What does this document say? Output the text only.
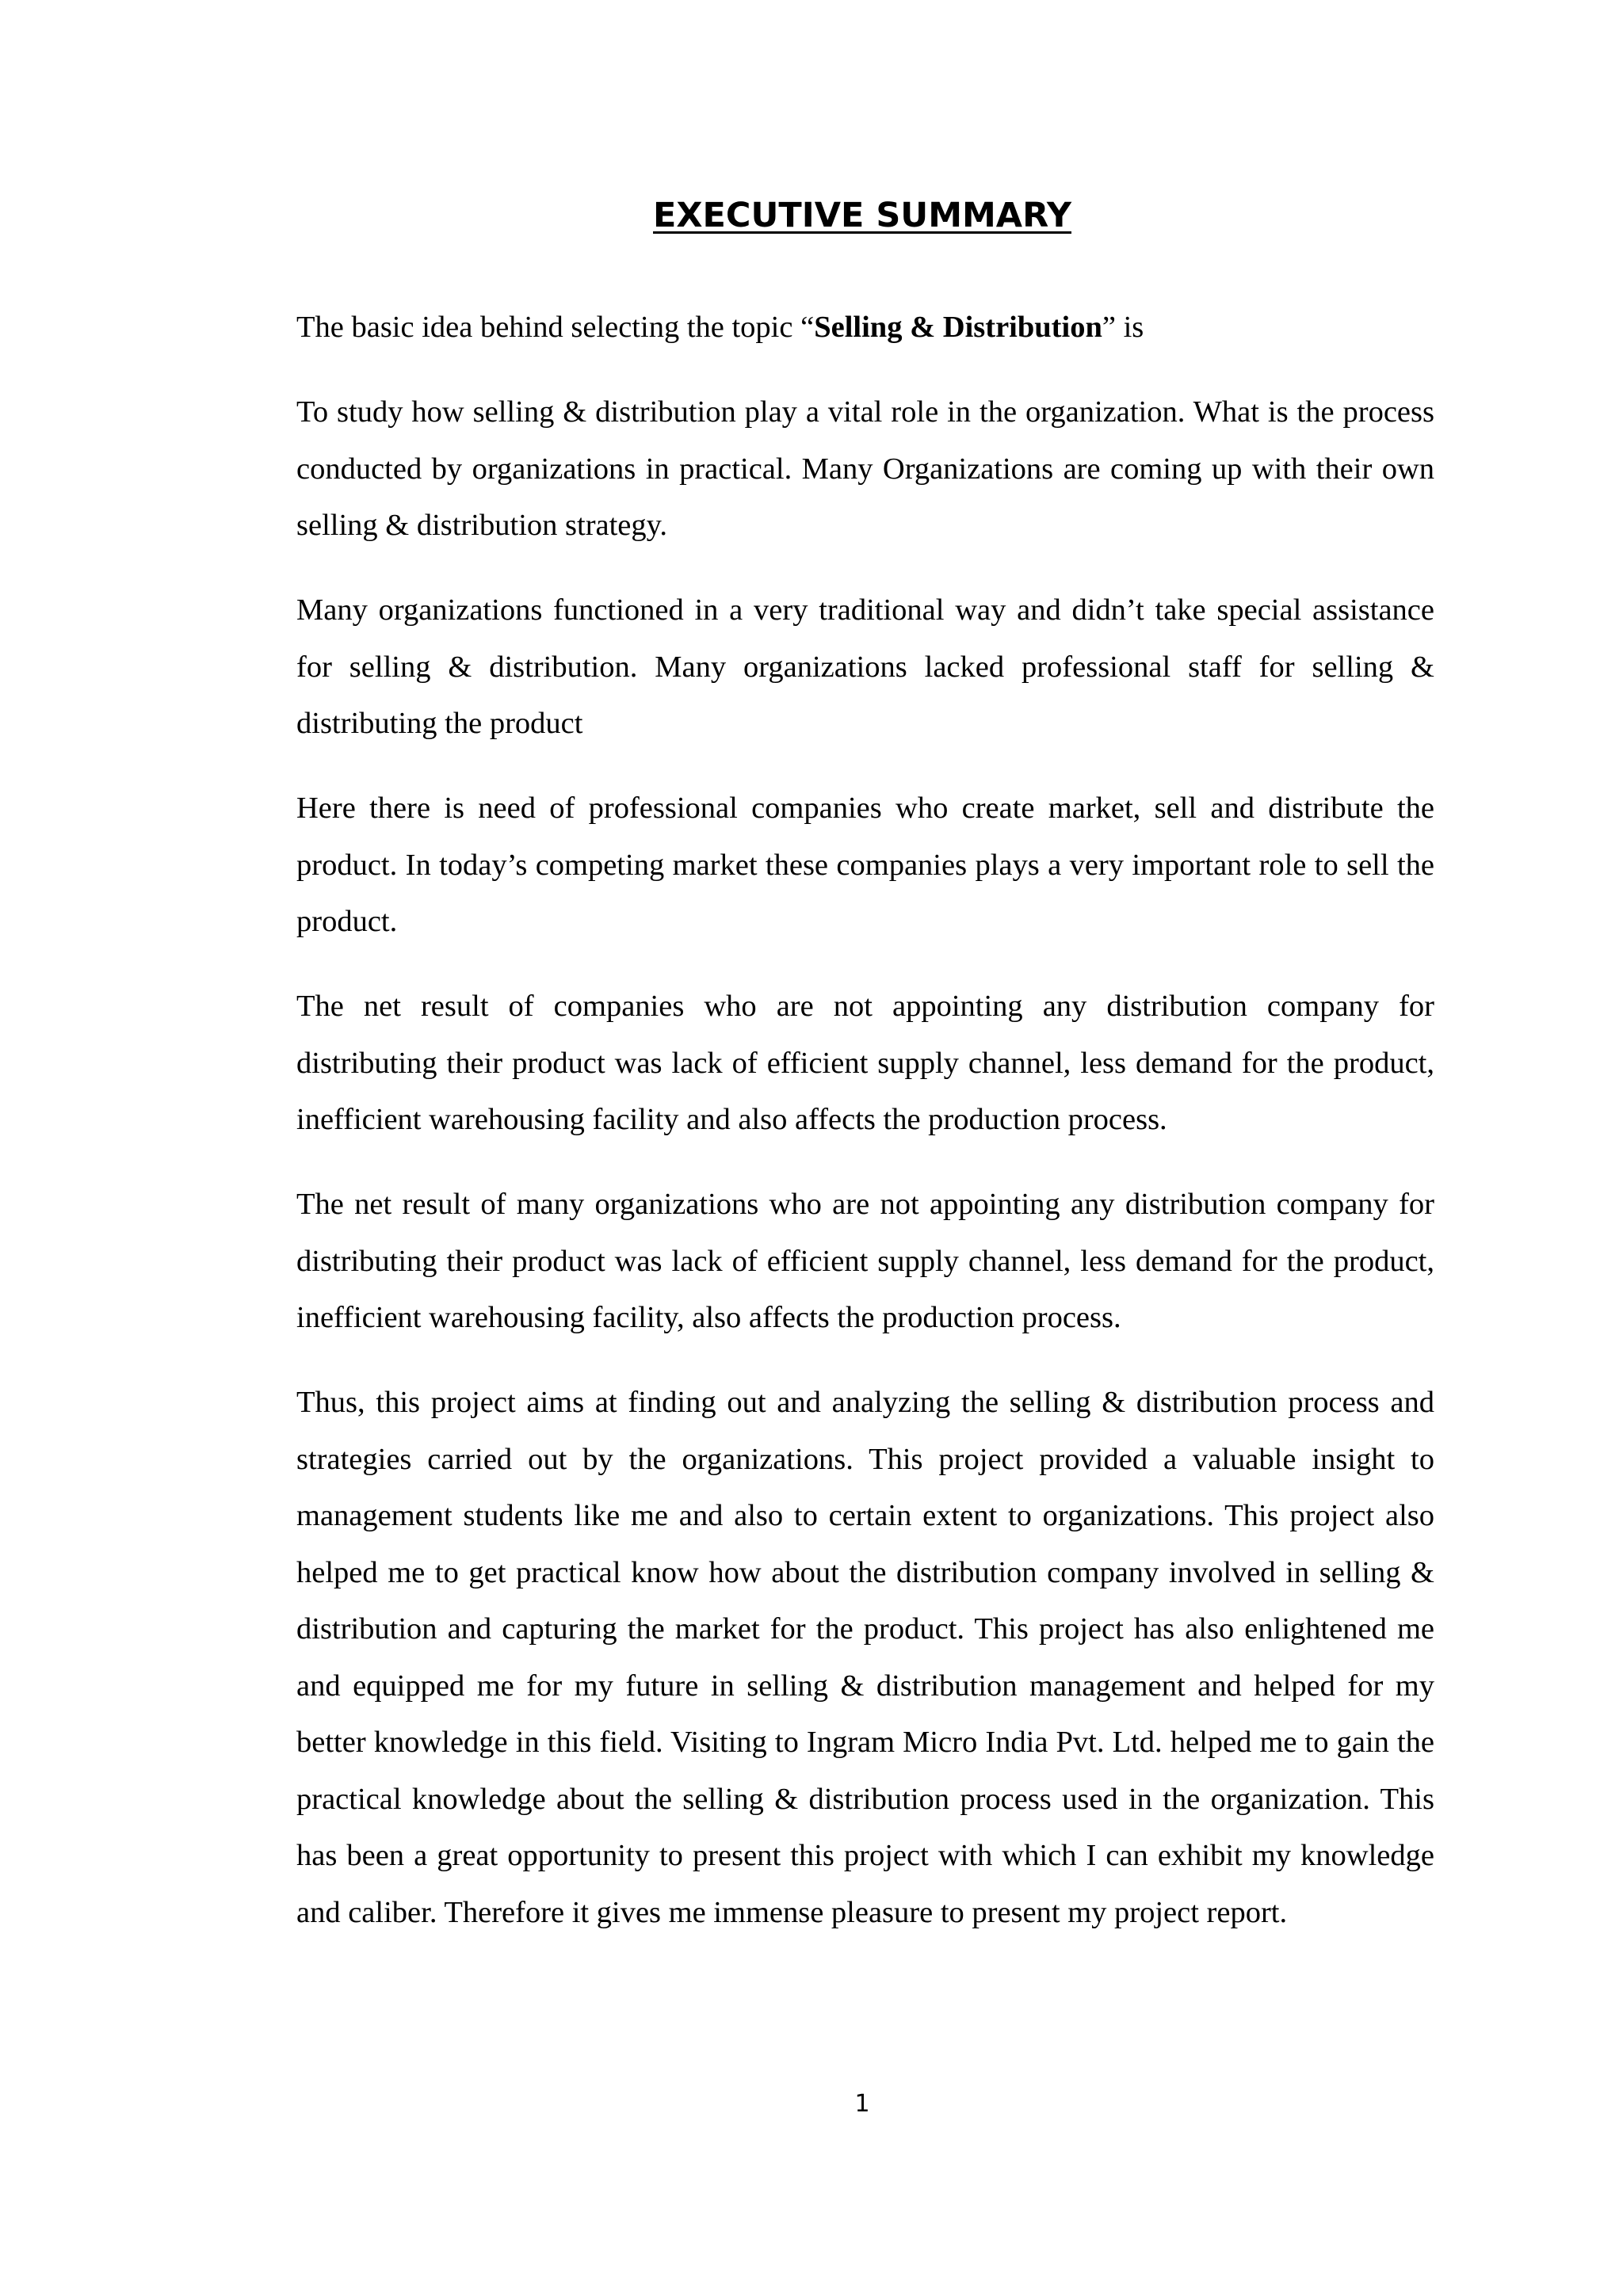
EXECUTIVE SUMMARY

The basic idea behind selecting the topic “Selling & Distribution” is

To study how selling & distribution play a vital role in the organization. What is the process conducted by organizations in practical. Many Organizations are coming up with their own selling & distribution strategy.

Many organizations functioned in a very traditional way and didn’t take special assistance for selling & distribution. Many organizations lacked professional staff for selling & distributing the product

Here there is need of professional companies who create market, sell and distribute the product. In today’s competing market these companies plays a very important role to sell the product.

The net result of companies who are not appointing any distribution company for distributing their product was lack of efficient supply channel, less demand for the product, inefficient warehousing facility and also affects the production process.

The net result of many organizations who are not appointing any distribution company for distributing their product was lack of efficient supply channel, less demand for the product, inefficient warehousing facility, also affects the production process.

Thus, this project aims at finding out and analyzing the selling & distribution process and strategies carried out by the organizations. This project provided a valuable insight to management students like me and also to certain extent to organizations. This project also helped me to get practical know how about the distribution company involved in selling & distribution and capturing the market for the product. This project has also enlightened me and equipped me for my future in selling & distribution management and helped for my better knowledge in this field. Visiting to Ingram Micro India Pvt. Ltd. helped me to gain the practical knowledge about the selling & distribution process used in the organization. This has been a great opportunity to present this project with which I can exhibit my knowledge and caliber. Therefore it gives me immense pleasure to present my project report.

1
